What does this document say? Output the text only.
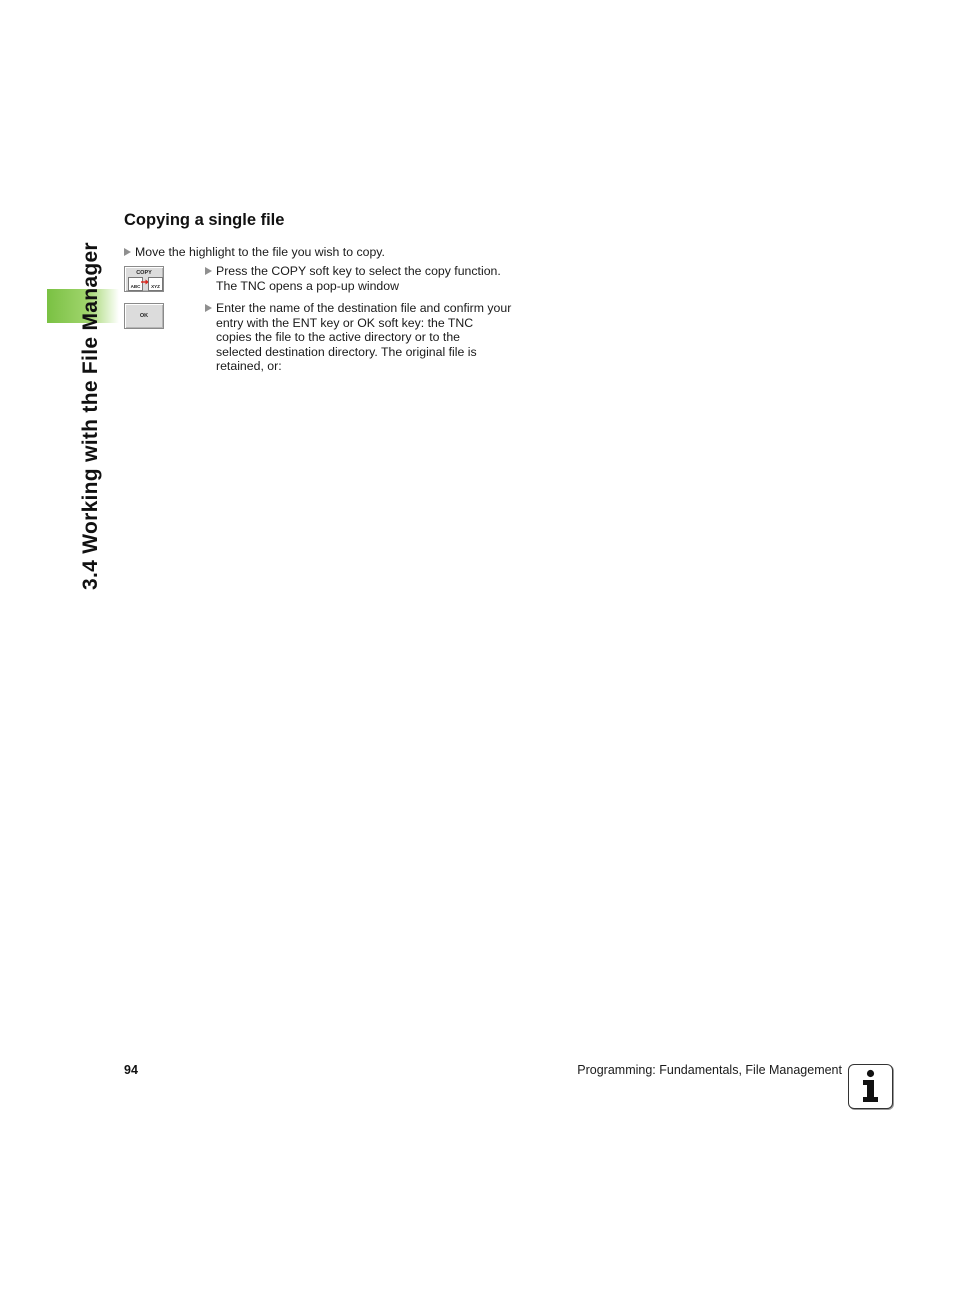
3.4 Working with the File Manager
Copying a single file
Move the highlight to the file you wish to copy.
COPY
ABC	XYZ
Press the COPY soft key to select the copy function.
The TNC opens a pop-up window
OK
Enter the name of the destination file and confirm your
entry with the ENT key or OK soft key: the TNC
copies the file to the active directory or to the
selected destination directory. The original file is
retained, or:
94	Programming: Fundamentals, File Management
